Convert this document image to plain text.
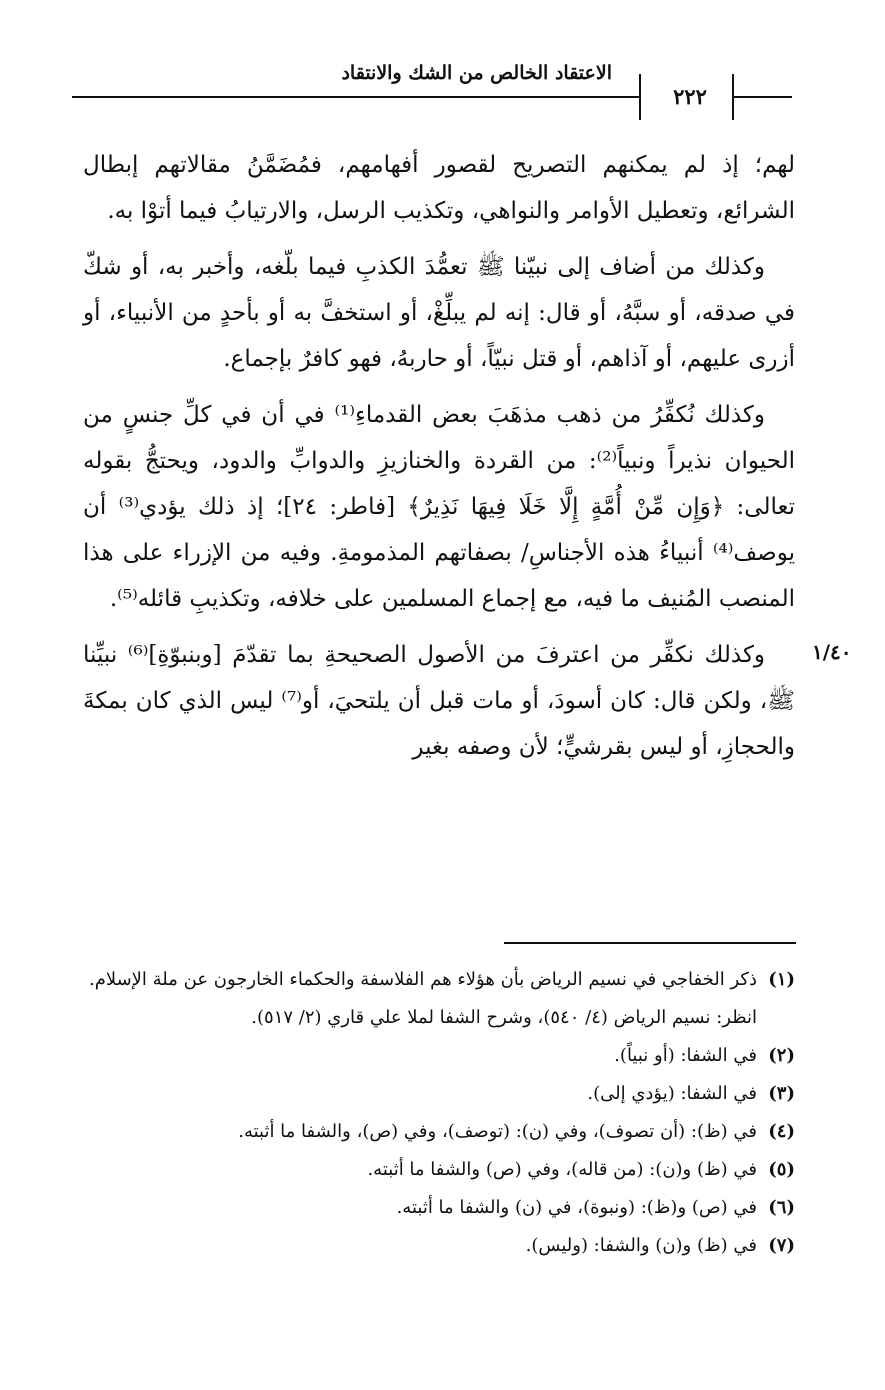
الاعتقاد الخالص من الشك والانتقاد
٢٢٢

لهم؛ إذ لم يمكنهم التصريح لقصور أفهامهم، فمُضَمَّنُ مقالاتهم إبطال الشرائع، وتعطيل الأوامر والنواهي، وتكذيب الرسل، والارتيابُ فيما أتوْا به.

وكذلك من أضاف إلى نبيّنا ﷺ تعمُّدَ الكذبِ فيما بلّغه، وأخبر به، أو شكّ في صدقه، أو سبَّهُ، أو قال: إنه لم يبلِّغْ، أو استخفَّ به أو بأحدٍ من الأنبياء، أو أزرى عليهم، أو آذاهم، أو قتل نبيّاً، أو حاربهُ، فهو كافرٌ بإجماع.

وكذلك نُكفِّرُ من ذهب مذهَبَ بعض القدماءِ⁽¹⁾ في أن في كلِّ جنسٍ من الحيوان نذيراً ونبياً⁽²⁾: من القردة والخنازيزِ والدوابِّ والدود، ويحتجُّ بقوله تعالى: ﴿وَإِن مِّنْ أُمَّةٍ إِلَّا خَلَا فِيهَا نَذِيرٌ﴾ [فاطر: ٢٤]؛ إذ ذلك يؤدي⁽³⁾ أن يوصف⁽⁴⁾ أنبياءُ هذه الأجناسِ/ بصفاتهم المذمومةِ. وفيه من الإزراء على هذا المنصب المُنيف ما فيه، مع إجماع المسلمين على خلافه، وتكذيبِ قائله⁽⁵⁾.

وكذلك نكفِّر من اعترفَ من الأصول الصحيحةِ بما تقدّمَ [وبنبوّةِ]⁽⁶⁾ نبيِّنا ﷺ، ولكن قال: كان أسودَ، أو مات قبل أن يلتحيَ، أو⁽⁷⁾ ليس الذي كان بمكةَ والحجازِ، أو ليس بقرشيٍّ؛ لأن وصفه بغير

١/٤٠
(١)
ذكر الخفاجي في نسيم الرياض بأن هؤلاء هم الفلاسفة والحكماء الخارجون عن ملة الإسلام.
انظر: نسيم الرياض (٤/ ٥٤٠)، وشرح الشفا لملا علي قاري (٢/ ٥١٧).
(٢)
في الشفا: (أو نبياً).
(٣)
في الشفا: (يؤدي إلى).
(٤)
في (ظ): (أن تصوف)، وفي (ن): (توصف)، وفي (ص)، والشفا ما أثبته.
(٥)
في (ظ) و(ن): (من قاله)، وفي (ص) والشفا ما أثبته.
(٦)
في (ص) و(ظ): (ونبوة)، في (ن) والشفا ما أثبته.
(٧)
في (ظ) و(ن) والشفا: (وليس).
